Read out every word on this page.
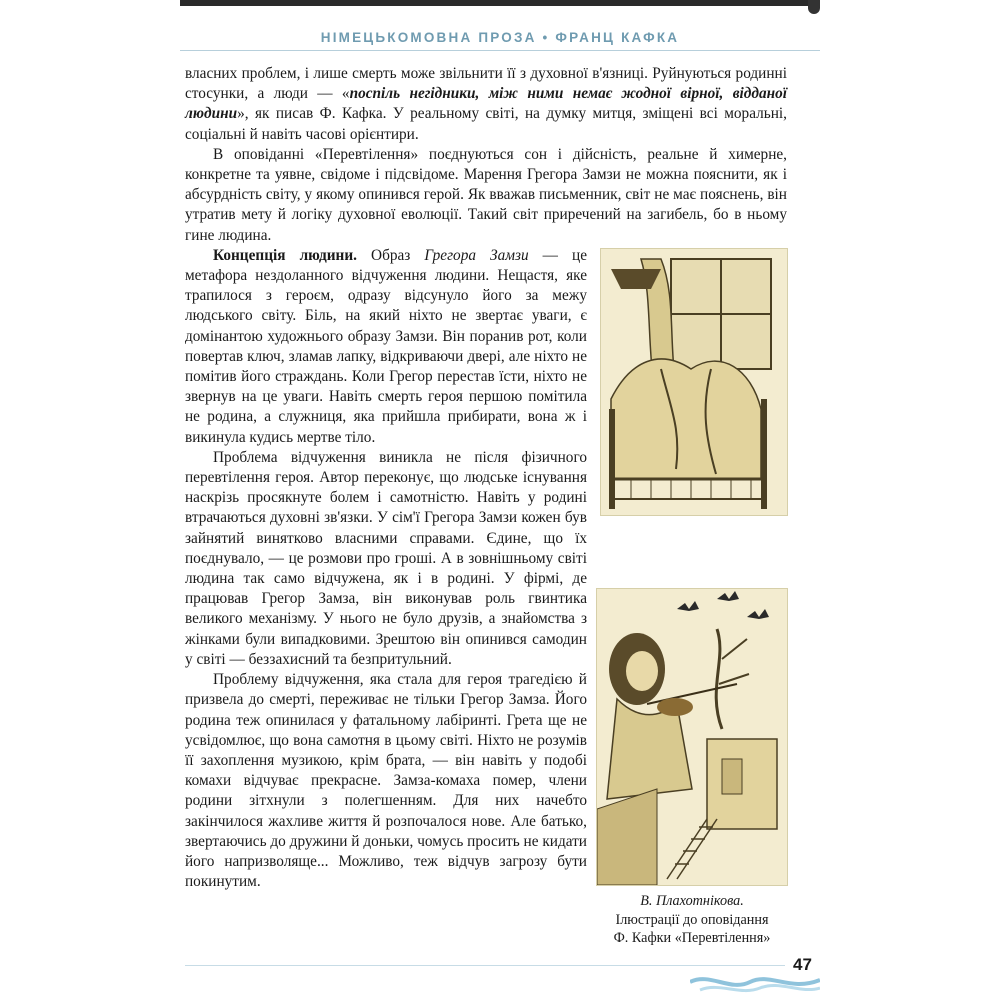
НІМЕЦЬКОМОВНА ПРОЗА • ФРАНЦ КАФКА

власних проблем, і лише смерть може звільнити її з духовної в'язниці. Руйнуються родинні стосунки, а люди — «поспіль негідники, між ними немає жодної вірної, відданої людини», як писав Ф. Кафка. У реальному світі, на думку митця, зміщені всі моральні, соціальні й навіть часові орієнтири.

В оповіданні «Перевтілення» поєднуються сон і дійсність, реальне й химерне, конкретне та уявне, свідоме і підсвідоме. Марення Грегора Замзи не можна пояснити, як і абсурдність світу, у якому опинився герой. Як вважав письменник, світ не має пояснень, він утратив мету й логіку духовної еволюції. Такий світ приречений на загибель, бо в ньому гине людина.

Концепція людини. Образ Грегора Замзи — це метафора нездоланного відчуження людини. Нещастя, яке трапилося з героєм, одразу відсунуло його за межу людського світу. Біль, на який ніхто не звертає уваги, є домінантою художнього образу Замзи. Він поранив рот, коли повертав ключ, зламав лапку, відкриваючи двері, але ніхто не помітив його страждань. Коли Грегор перестав їсти, ніхто не звернув на це уваги. Навіть смерть героя першою помітила не родина, а служниця, яка прийшла прибирати, вона ж і викинула кудись мертве тіло.

Проблема відчуження виникла не після фізичного перевтілення героя. Автор переконує, що людське існування наскрізь просякнуте болем і самотністю. Навіть у родині втрачаються духовні зв'язки. У сім'ї Грегора Замзи кожен був зайнятий винятково власними справами. Єдине, що їх поєднувало, — це розмови про гроші. А в зовнішньому світі людина так само відчужена, як і в родині. У фірмі, де працював Грегор Замза, він виконував роль гвинтика великого механізму. У нього не було друзів, а знайомства з жінками були випадковими. Зрештою він опинився самодин у світі — беззахисний та безпритульний.

Проблему відчуження, яка стала для героя трагедією й призвела до смерті, переживає не тільки Грегор Замза. Його родина теж опинилася у фатальному лабіринті. Грета ще не усвідомлює, що вона самотня в цьому світі. Ніхто не розумів її захоплення музикою, крім брата, — він навіть у подобі комахи відчуває прекрасне. Замза-комаха помер, члени родини зітхнули з полегшенням. Для них начебто закінчилося жахливе життя й розпочалося нове. Але батько, звертаючись до дружини й доньки, чомусь просить не кидати його напризволяще... Можливо, теж відчув загрозу бути покинутим.

В. Плахотнікова.
Ілюстрації до оповідання
Ф. Кафки «Перевтілення»
47
